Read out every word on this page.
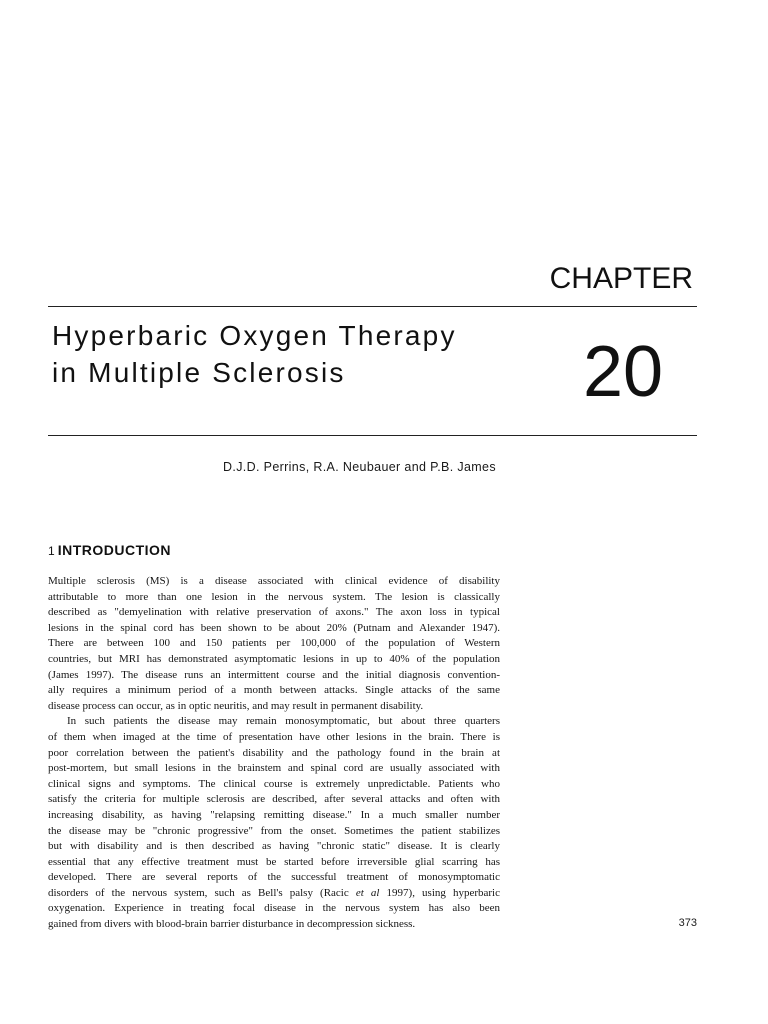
CHAPTER
Hyperbaric Oxygen Therapy
in Multiple Sclerosis	20
D.J.D. Perrins, R.A. Neubauer and P.B. James
1 INTRODUCTION
Multiple sclerosis (MS) is a disease associated with clinical evidence of disability
attributable to more than one lesion in the nervous system. The lesion is classically
described as "demyelination with relative preservation of axons." The axon loss in typical
lesions in the spinal cord has been shown to be about 20% (Putnam and Alexander 1947).
There are between 100 and 150 patients per 100,000 of the population of Western
countries, but MRI has demonstrated asymptomatic lesions in up to 40% of the population
(James 1997). The disease runs an intermittent course and the initial diagnosis convention-
ally requires a minimum period of a month between attacks. Single attacks of the same
disease process can occur, as in optic neuritis, and may result in permanent disability.
In such patients the disease may remain monosymptomatic, but about three quarters
of them when imaged at the time of presentation have other lesions in the brain. There is
poor correlation between the patient's disability and the pathology found in the brain at
post-mortem, but small lesions in the brainstem and spinal cord are usually associated with
clinical signs and symptoms. The clinical course is extremely unpredictable. Patients who
satisfy the criteria for multiple sclerosis are described, after several attacks and often with
increasing disability, as having "relapsing remitting disease." In a much smaller number
the disease may be "chronic progressive" from the onset. Sometimes the patient stabilizes
but with disability and is then described as having "chronic static" disease. It is clearly
essential that any effective treatment must be started before irreversible glial scarring has
developed. There are several reports of the successful treatment of monosymptomatic
disorders of the nervous system, such as Bell's palsy (Racic et al 1997), using hyperbaric
oxygenation. Experience in treating focal disease in the nervous system has also been
gained from divers with blood-brain barrier disturbance in decompression sickness.	373
